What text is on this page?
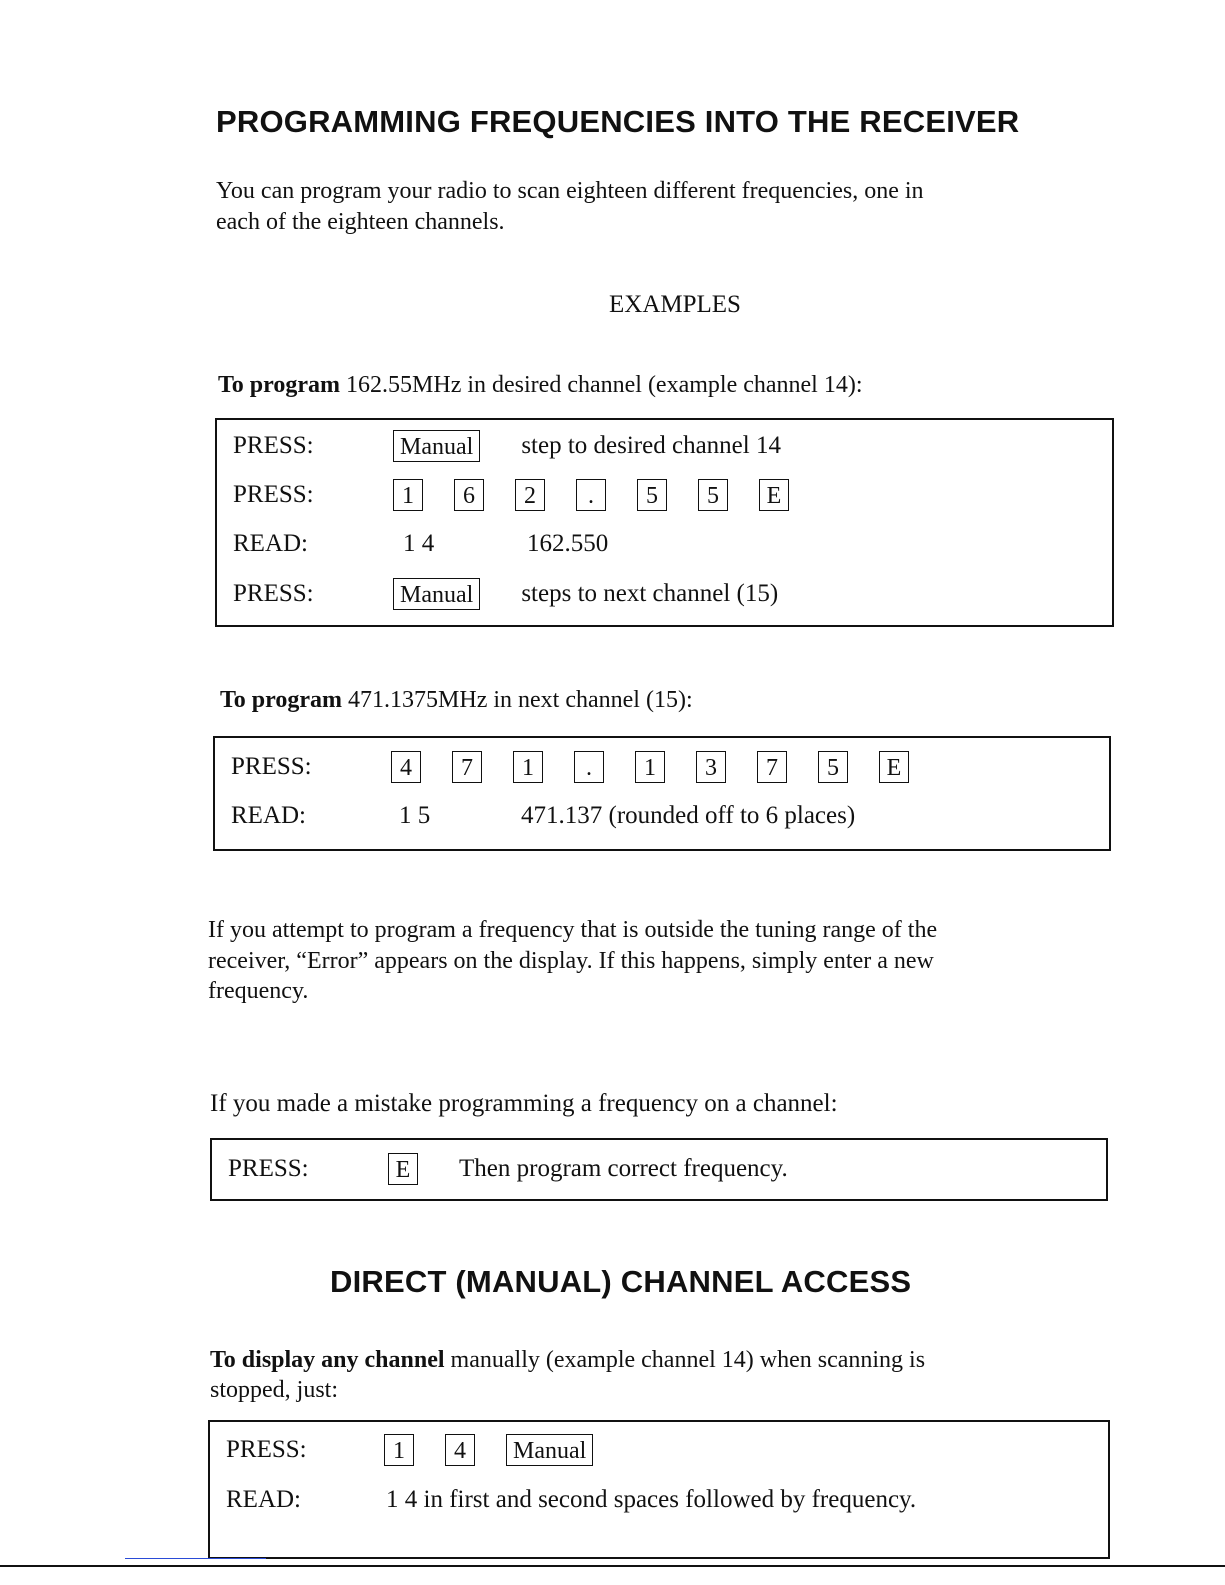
PROGRAMMING FREQUENCIES INTO THE RECEIVER
You can program your radio to scan eighteen different frequencies, one in
each of the eighteen channels.
EXAMPLES
To program 162.55MHz in desired channel (example channel 14):
PRESS:	Manual step to desired channel 14
PRESS:	1	6	2	.	5	5	E
READ:	1 4	162.550
PRESS:	Manual steps to next channel (15)
To program 471.1375MHz in next channel (15):
PRESS:	4	7	1	.	1	3	7	5	E
READ:	1 5	471.137 (rounded off to 6 places)
If you attempt to program a frequency that is outside the tuning range of the
receiver, “Error” appears on the display. If this happens, simply enter a new
frequency.
If you made a mistake programming a frequency on a channel:
PRESS:	E	Then program correct frequency.
DIRECT (MANUAL) CHANNEL ACCESS
To display any channel manually (example channel 14) when scanning is
stopped, just:
PRESS:	1	4	Manual
READ:	1 4 in first and second spaces followed by frequency.
